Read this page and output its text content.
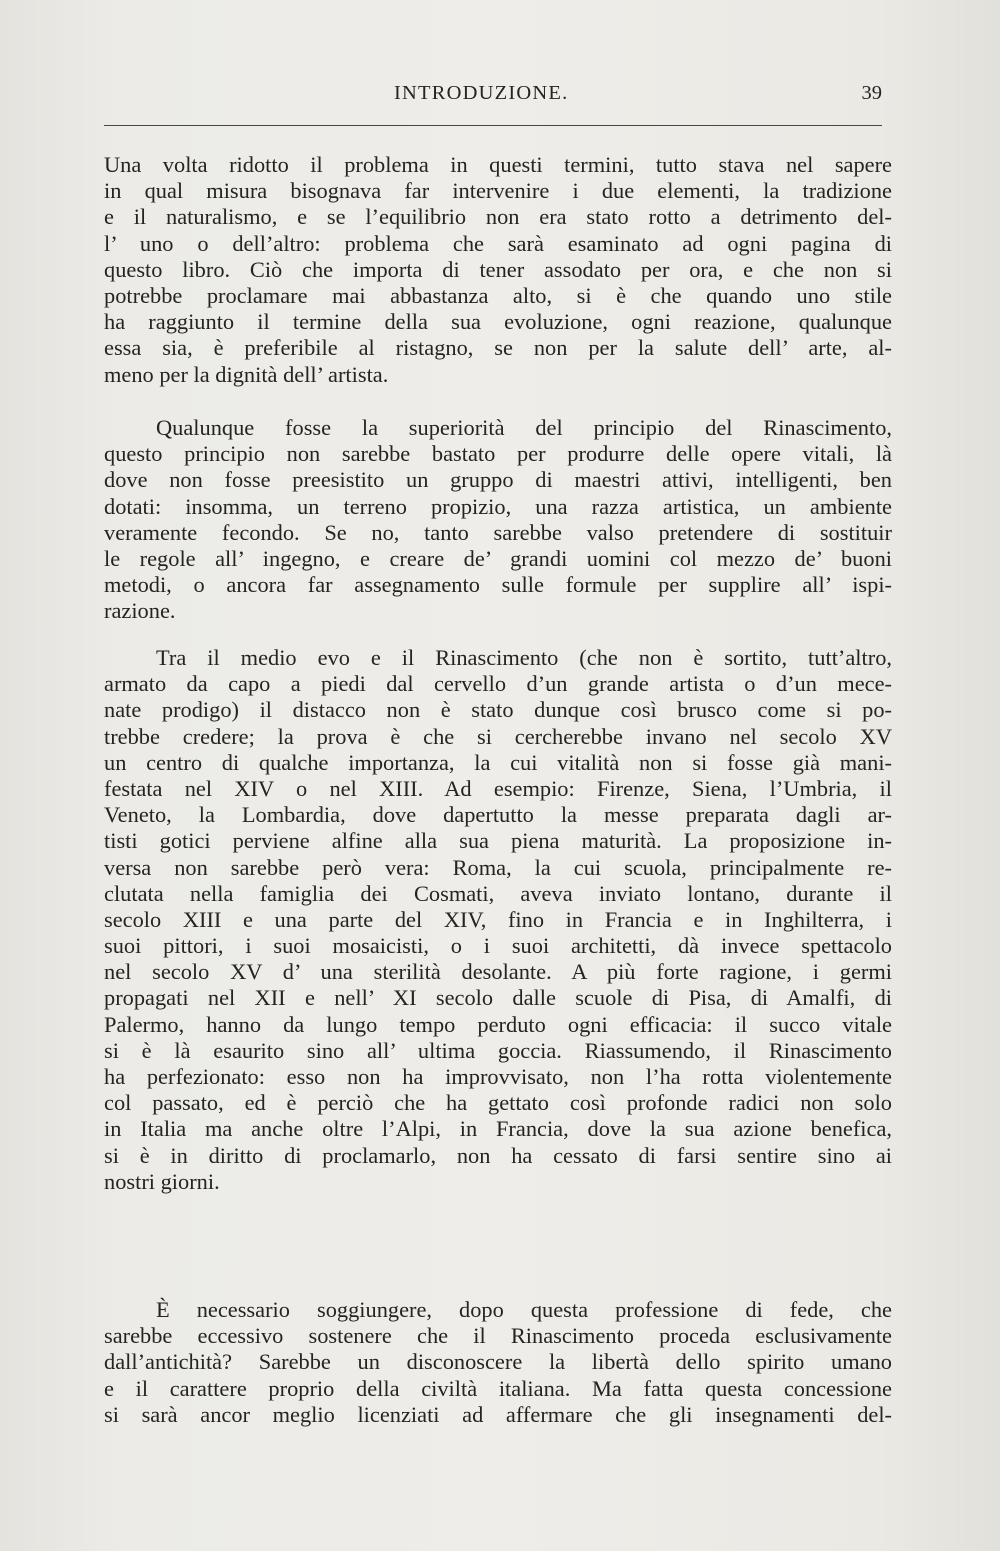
INTRODUZIONE.	39
Una volta ridotto il problema in questi termini, tutto stava nel sapere
in qual misura bisognava far intervenire i due elementi, la tradizione
e il naturalismo, e se l’equilibrio non era stato rotto a detrimento del-
l’ uno o dell’altro: problema che sarà esaminato ad ogni pagina di
questo libro. Ciò che importa di tener assodato per ora, e che non si
potrebbe proclamare mai abbastanza alto, si è che quando uno stile
ha raggiunto il termine della sua evoluzione, ogni reazione, qualunque
essa sia, è preferibile al ristagno, se non per la salute dell’ arte, al-
meno per la dignità dell’ artista.
Qualunque fosse la superiorità del principio del Rinascimento,
questo principio non sarebbe bastato per produrre delle opere vitali, là
dove non fosse preesistito un gruppo di maestri attivi, intelligenti, ben
dotati: insomma, un terreno propizio, una razza artistica, un ambiente
veramente fecondo. Se no, tanto sarebbe valso pretendere di sostituir
le regole all’ ingegno, e creare de’ grandi uomini col mezzo de’ buoni
metodi, o ancora far assegnamento sulle formule per supplire all’ ispi-
razione.
Tra il medio evo e il Rinascimento (che non è sortito, tutt’altro,
armato da capo a piedi dal cervello d’un grande artista o d’un mece-
nate prodigo) il distacco non è stato dunque così brusco come si po-
trebbe credere; la prova è che si cercherebbe invano nel secolo XV
un centro di qualche importanza, la cui vitalità non si fosse già mani-
festata nel XIV o nel XIII. Ad esempio: Firenze, Siena, l’Umbria, il
Veneto, la Lombardia, dove dapertutto la messe preparata dagli ar-
tisti gotici perviene alfine alla sua piena maturità. La proposizione in-
versa non sarebbe però vera: Roma, la cui scuola, principalmente re-
clutata nella famiglia dei Cosmati, aveva inviato lontano, durante il
secolo XIII e una parte del XIV, fino in Francia e in Inghilterra, i
suoi pittori, i suoi mosaicisti, o i suoi architetti, dà invece spettacolo
nel secolo XV d’ una sterilità desolante. A più forte ragione, i germi
propagati nel XII e nell’ XI secolo dalle scuole di Pisa, di Amalfi, di
Palermo, hanno da lungo tempo perduto ogni efficacia: il succo vitale
si è là esaurito sino all’ ultima goccia. Riassumendo, il Rinascimento
ha perfezionato: esso non ha improvvisato, non l’ha rotta violentemente
col passato, ed è perciò che ha gettato così profonde radici non solo
in Italia ma anche oltre l’Alpi, in Francia, dove la sua azione benefica,
si è in diritto di proclamarlo, non ha cessato di farsi sentire sino ai
nostri giorni.
È necessario soggiungere, dopo questa professione di fede, che
sarebbe eccessivo sostenere che il Rinascimento proceda esclusivamente
dall’antichità? Sarebbe un disconoscere la libertà dello spirito umano
e il carattere proprio della civiltà italiana. Ma fatta questa concessione
si sarà ancor meglio licenziati ad affermare che gli insegnamenti del-
